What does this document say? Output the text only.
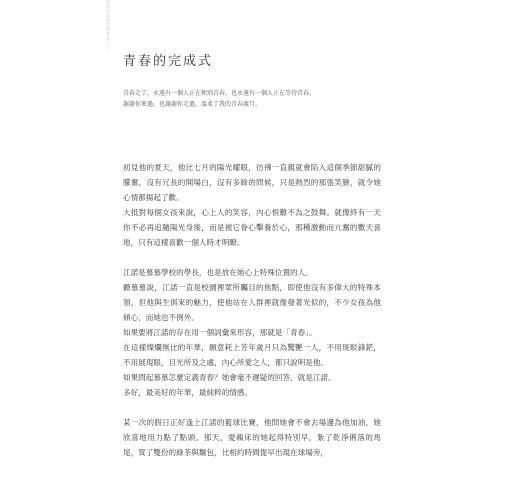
故事的最後我們都長大了
青春的完成式

青春走了，永遠有一個人正在揮別青春，也永遠有一個人正在等待青春。

謝謝你來過，也謝謝你走過，溫柔了我的青春歲月。

初見他的夏天，他比七月的陽光耀眼，彷彿一直親就會陷入這個季節甜膩的朦奮，沒有冗長的開場白，沒有多餘的問候，只是熱烈的那張笑臉，就令她心情都揚起了歡。

大抵對每個女孩來說，心上人的笑容，內心恨難不為之鼓舞。就像終有一天你不必再追隨陽光身後，而是被它眷心擊養於心，那種激動而亢奮的數天喜地，只有這樣喜歡一個人時才明瞭。

江諾是慕慕學校的學長，也是放在她心上特殊位置的人。

聽慕慕說，江諾一直是校園裡眾所矚目的焦點，即使他沒有多偉大的特殊本領，但他與生俱來的魅力，使他站在人群裡就像發著光似的，不少女孩為他傾心，而她也不例外。

如果要將江諾的存在用一個詞彙來形容，那就是「青春」。

在這樣燦爛無比的年華，願意耗上芳年歲月只為驚艷一人，不用斑駁鋒鋩，不用展現眼，目光所及之處，內心所愛之人，都只說明是他。

如果問起慕慕怎麼定義青春？她會毫不遲疑的回答，就是江諾。

多好，最美好的年華，最純粹的情感。

某一次的假日正好逢上江諾的籃球比賽，他問她會不會去場邊為他加油，她欣喜地用力點了點頭。那天，愛賴床的她起得特別早，紮了乾淨俐落的馬尾，買了雙份的綠茶與麵包，比相約時間提早出現在球場旁，
